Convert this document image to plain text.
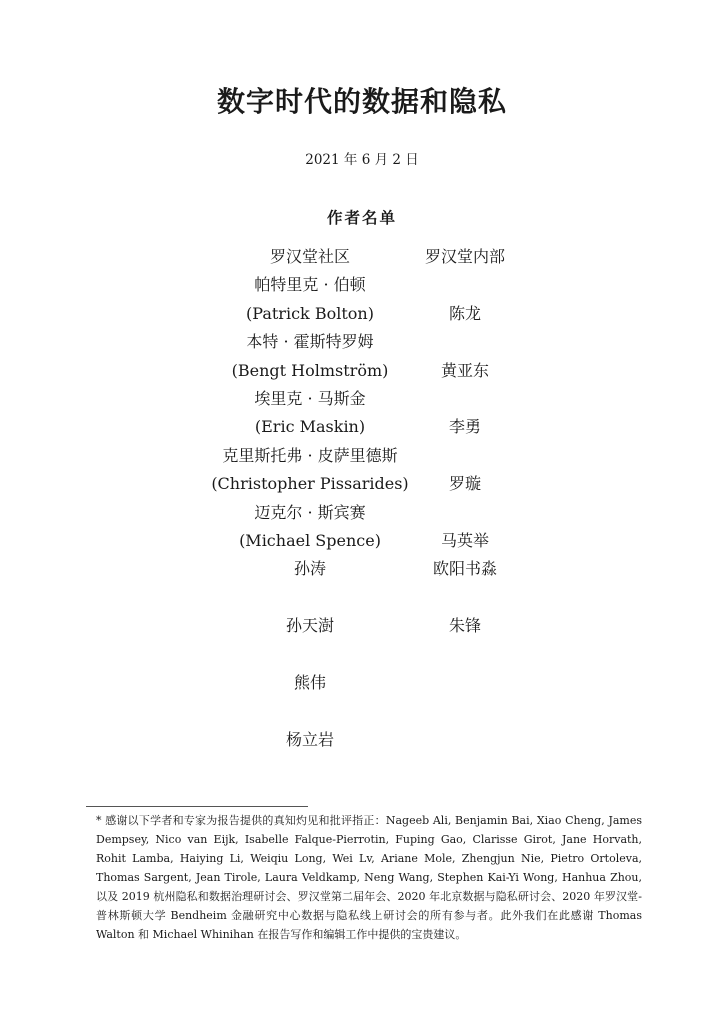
数字时代的数据和隐私
2021 年 6 月 2 日
作者名单
罗汉堂社区
帕特里克 · 伯顿
(Patrick Bolton)
本特 · 霍斯特罗姆
(Bengt Holmström)
埃里克 · 马斯金
(Eric Maskin)
克里斯托弗 · 皮萨里德斯
(Christopher Pissarides)
迈克尔 · 斯宾赛
(Michael Spence)
孙涛
孙天澍
熊伟
杨立岩
罗汉堂内部
陈龙
黄亚东
李勇
罗璇
马英举
欧阳书淼
朱锋

* 感谢以下学者和专家为报告提供的真知灼见和批评指正：Nageeb Ali, Benjamin Bai, Xiao Cheng, James Dempsey, Nico van Eijk, Isabelle Falque-Pierrotin, Fuping Gao, Clarisse Girot, Jane Horvath, Rohit Lamba, Haiying Li, Weiqiu Long, Wei Lv, Ariane Mole, Zhengjun Nie, Pietro Ortoleva, Thomas Sargent, Jean Tirole, Laura Veldkamp, Neng Wang, Stephen Kai-Yi Wong, Hanhua Zhou, 以及 2019 杭州隐私和数据治理研讨会、罗汉堂第二届年会、2020 年北京数据与隐私研讨会、2020 年罗汉堂-普林斯顿大学 Bendheim 金融研究中心数据与隐私线上研讨会的所有参与者。此外我们在此感谢 Thomas Walton 和 Michael Whinihan 在报告写作和编辑工作中提供的宝贵建议。
